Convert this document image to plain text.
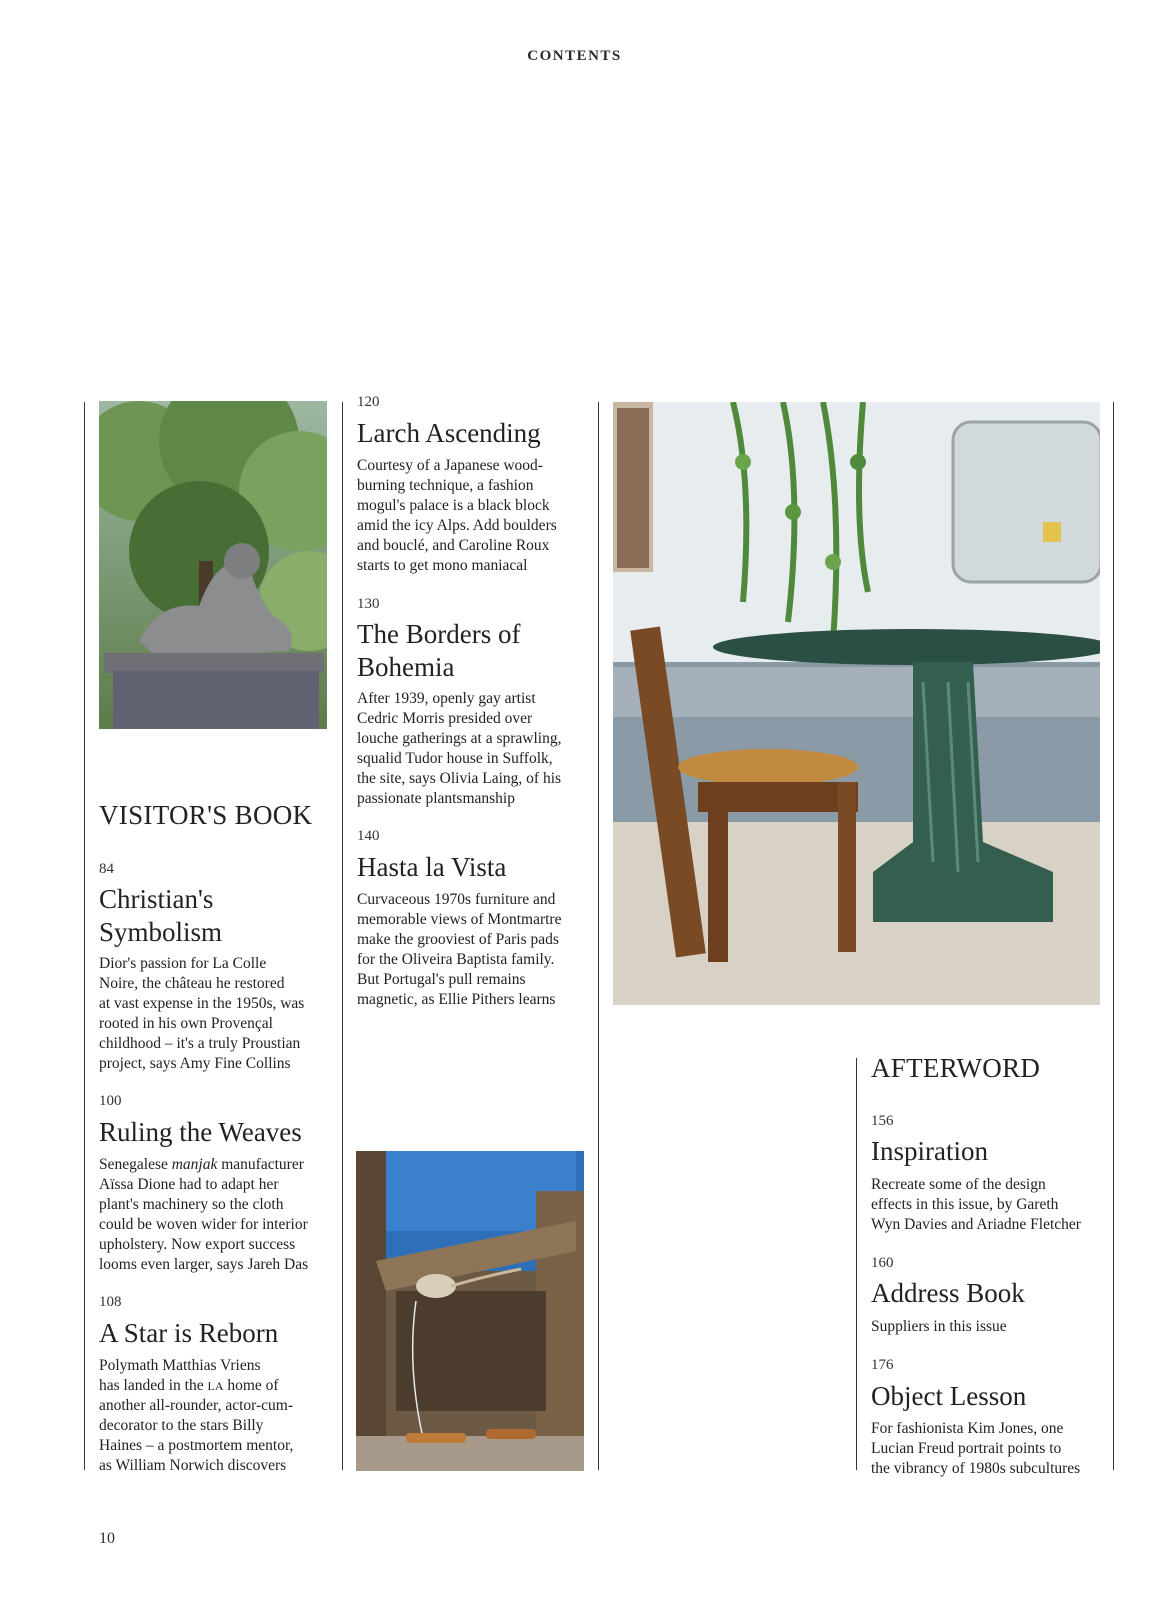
CONTENTS
VISITOR'S BOOK
84
Christian's
Symbolism
Dior's passion for La Colle
Noire, the château he restored
at vast expense in the 1950s, was
rooted in his own Provençal
childhood – it's a truly Proustian
project, says Amy Fine Collins
100
Ruling the Weaves
Senegalese manjak manufacturer
Aïssa Dione had to adapt her
plant's machinery so the cloth
could be woven wider for interior
upholstery. Now export success
looms even larger, says Jareh Das
108
A Star is Reborn
Polymath Matthias Vriens
has landed in the LA home of
another all-rounder, actor-cum-
decorator to the stars Billy
Haines – a postmortem mentor,
as William Norwich discovers
120
Larch Ascending
Courtesy of a Japanese wood-
burning technique, a fashion
mogul's palace is a black block
amid the icy Alps. Add boulders
and bouclé, and Caroline Roux
starts to get mono maniacal
130
The Borders of
Bohemia
After 1939, openly gay artist
Cedric Morris presided over
louche gatherings at a sprawling,
squalid Tudor house in Suffolk,
the site, says Olivia Laing, of his
passionate plantsmanship
140
Hasta la Vista
Curvaceous 1970s furniture and
memorable views of Montmartre
make the grooviest of Paris pads
for the Oliveira Baptista family.
But Portugal's pull remains
magnetic, as Ellie Pithers learns
AFTERWORD
156
Inspiration
Recreate some of the design
effects in this issue, by Gareth
Wyn Davies and Ariadne Fletcher
160
Address Book
Suppliers in this issue
176
Object Lesson
For fashionista Kim Jones, one
Lucian Freud portrait points to
the vibrancy of 1980s subcultures
10
